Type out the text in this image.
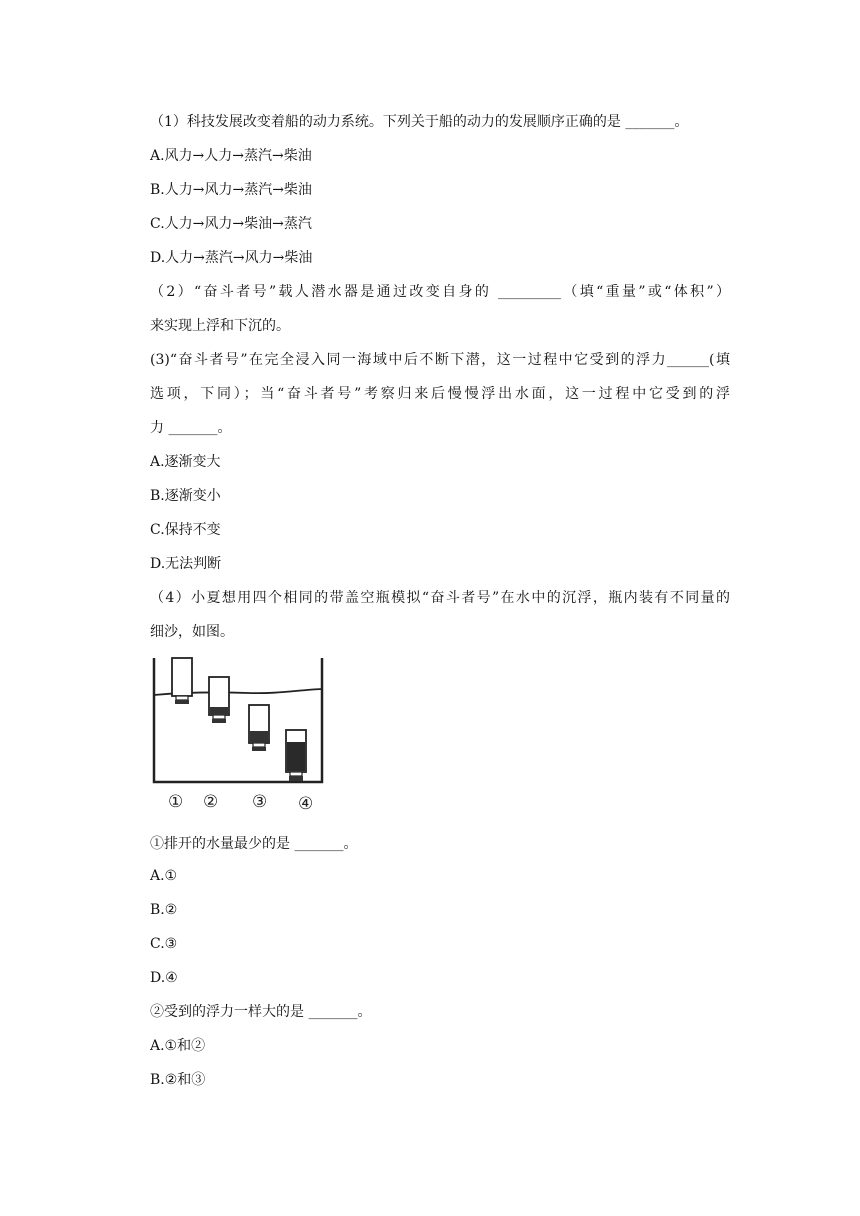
（1）科技发展改变着船的动力系统。下列关于船的动力的发展顺序正确的是 _______。
A.风力→人力→蒸汽→柴油
B.人力→风力→蒸汽→柴油
C.人力→风力→柴油→蒸汽
D.人力→蒸汽→风力→柴油
（2）“奋斗者号”载人潜水器是通过改变自身的 _________（填“重量”或“体积”）
来实现上浮和下沉的。
(3)“奋斗者号”在完全浸入同一海域中后不断下潜，这一过程中它受到的浮力______(填
选项，下同）；当“奋斗者号”考察归来后慢慢浮出水面，这一过程中它受到的浮
力 _______。
A.逐渐变大
B.逐渐变小
C.保持不变
D.无法判断
（4）小夏想用四个相同的带盖空瓶模拟“奋斗者号”在水中的沉浮，瓶内装有不同量的
细沙，如图。
① ② ③ ④
①排开的水量最少的是 _______。
A.①
B.②
C.③
D.④
②受到的浮力一样大的是 _______。
A.①和②
B.②和③
